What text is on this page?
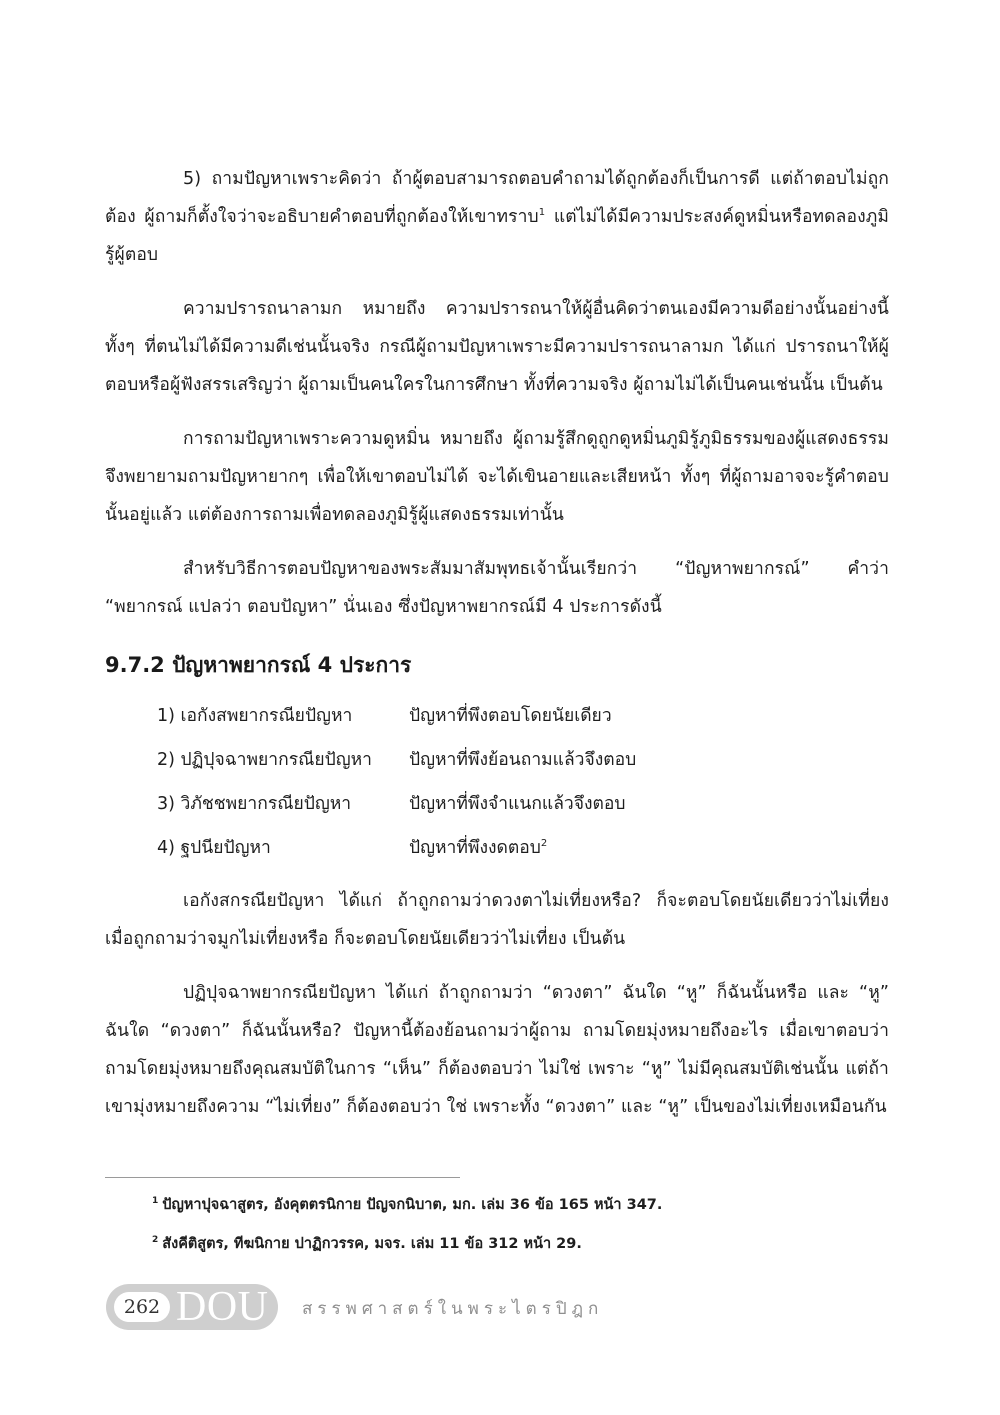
5) ถามปัญหาเพราะคิดว่า ถ้าผู้ตอบสามารถตอบคำถามได้ถูกต้องก็เป็นการดี แต่ถ้าตอบไม่ถูกต้อง ผู้ถามก็ตั้งใจว่าจะอธิบายคำตอบที่ถูกต้องให้เขาทราบ$^1$ แต่ไม่ได้มีความประสงค์ดูหมิ่นหรือทดลองภูมิรู้ผู้ตอบ

ความปรารถนาลามก หมายถึง ความปรารถนาให้ผู้อื่นคิดว่าตนเองมีความดีอย่างนั้นอย่างนี้ทั้งๆ ที่ตนไม่ได้มีความดีเช่นนั้นจริง กรณีผู้ถามปัญหาเพราะมีความปรารถนาลามก ได้แก่ ปรารถนาให้ผู้ตอบหรือผู้ฟังสรรเสริญว่า ผู้ถามเป็นคนใครในการศึกษา ทั้งที่ความจริง ผู้ถามไม่ได้เป็นคนเช่นนั้น เป็นต้น

การถามปัญหาเพราะความดูหมิ่น หมายถึง ผู้ถามรู้สึกดูถูกดูหมิ่นภูมิรู้ภูมิธรรมของผู้แสดงธรรม จึงพยายามถามปัญหายากๆ เพื่อให้เขาตอบไม่ได้ จะได้เขินอายและเสียหน้า ทั้งๆ ที่ผู้ถามอาจจะรู้คำตอบนั้นอยู่แล้ว แต่ต้องการถามเพื่อทดลองภูมิรู้ผู้แสดงธรรมเท่านั้น

สำหรับวิธีการตอบปัญหาของพระสัมมาสัมพุทธเจ้านั้นเรียกว่า “ปัญหาพยากรณ์” คำว่า “พยากรณ์ แปลว่า ตอบปัญหา” นั่นเอง ซึ่งปัญหาพยากรณ์มี 4 ประการดังนี้

9.7.2 ปัญหาพยากรณ์ 4 ประการ
1) เอกังสพยากรณียปัญหา	ปัญหาที่พึงตอบโดยนัยเดียว
2) ปฏิปุจฉาพยากรณียปัญหา	ปัญหาที่พึงย้อนถามแล้วจึงตอบ
3) วิภัชชพยากรณียปัญหา	ปัญหาที่พึงจำแนกแล้วจึงตอบ
4) ฐปนียปัญหา	ปัญหาที่พึงงดตอบ$^2$

เอกังสกรณียปัญหา ได้แก่ ถ้าถูกถามว่าดวงตาไม่เที่ยงหรือ? ก็จะตอบโดยนัยเดียวว่าไม่เที่ยง เมื่อถูกถามว่าจมูกไม่เที่ยงหรือ ก็จะตอบโดยนัยเดียวว่าไม่เที่ยง เป็นต้น

ปฏิปุจฉาพยากรณียปัญหา ได้แก่ ถ้าถูกถามว่า “ดวงตา” ฉันใด “หู” ก็ฉันนั้นหรือ และ “หู” ฉันใด “ดวงตา” ก็ฉันนั้นหรือ? ปัญหานี้ต้องย้อนถามว่าผู้ถาม ถามโดยมุ่งหมายถึงอะไร เมื่อเขาตอบว่าถามโดยมุ่งหมายถึงคุณสมบัติในการ “เห็น” ก็ต้องตอบว่า ไม่ใช่ เพราะ “หู” ไม่มีคุณสมบัติเช่นนั้น แต่ถ้าเขามุ่งหมายถึงความ “ไม่เที่ยง” ก็ต้องตอบว่า ใช่ เพราะทั้ง “ดวงตา” และ “หู” เป็นของไม่เที่ยงเหมือนกัน

$^1$ ปัญหาปุจฉาสูตร, อังคุตตรนิกาย ปัญจกนิบาต, มก. เล่ม 36 ข้อ 165 หน้า 347.
$^2$ สังคีติสูตร, ทีฆนิกาย ปาฏิกวรรค, มจร. เล่ม 11 ข้อ 312 หน้า 29.
262 DOU สรรพศาสตร์ในพระไตรปิฎก
